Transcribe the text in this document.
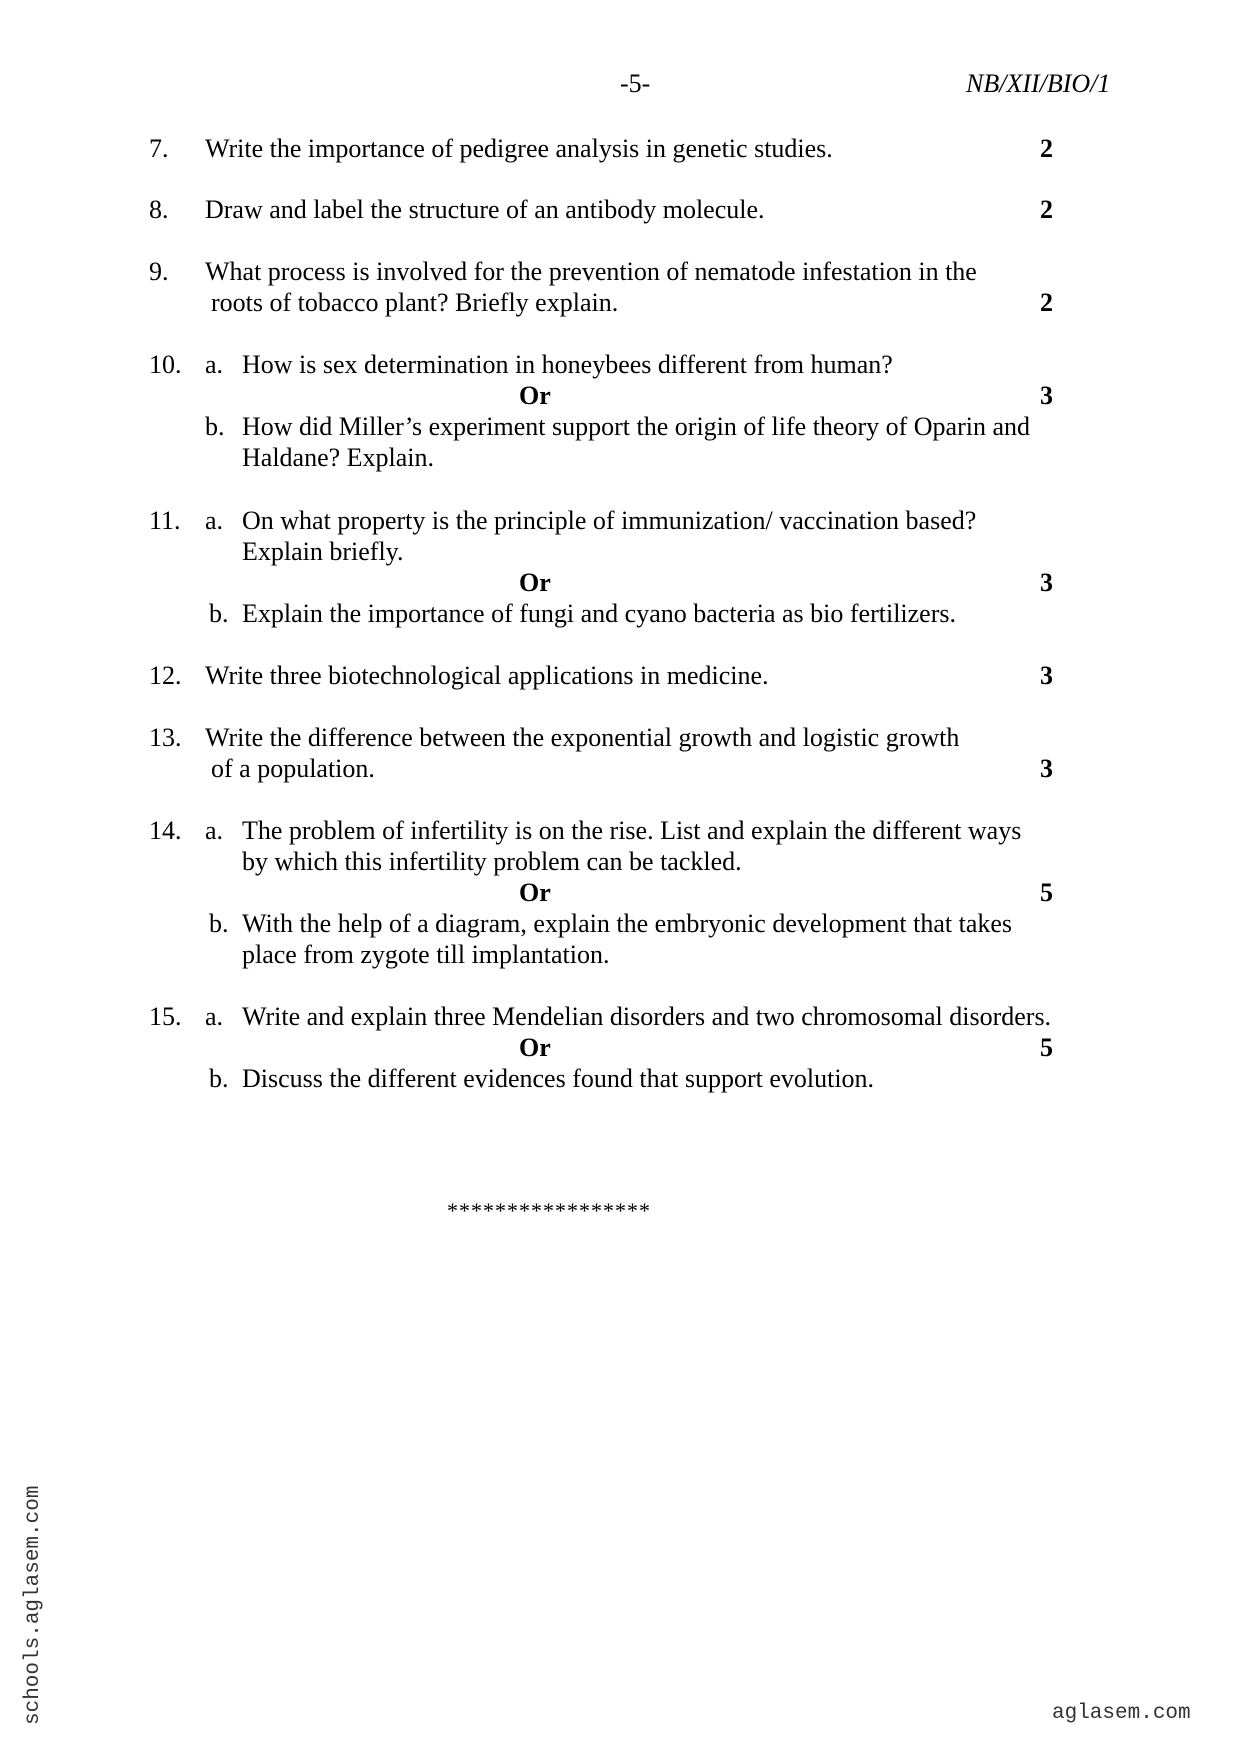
-5-	NB/XII/BIO/1
7. Write the importance of pedigree analysis in genetic studies.	2
8. Draw and label the structure of an antibody molecule.	2
9. What process is involved for the prevention of nematode infestation in the
roots of tobacco plant? Briefly explain.	2
10. a. How is sex determination in honeybees different from human?
Or	3
b. How did Miller’s experiment support the origin of life theory of Oparin and
Haldane? Explain.
11. a. On what property is the principle of immunization/ vaccination based?
Explain briefly.
Or	3
b. Explain the importance of fungi and cyano bacteria as bio fertilizers.
12. Write three biotechnological applications in medicine.	3
13. Write the difference between the exponential growth and logistic growth
of a population.	3
14. a. The problem of infertility is on the rise. List and explain the different ways
by which this infertility problem can be tackled.
Or	5
b. With the help of a diagram, explain the embryonic development that takes
place from zygote till implantation.
15. a. Write and explain three Mendelian disorders and two chromosomal disorders.
Or	5
b. Discuss the different evidences found that support evolution.
*****************
schools.aglasem.com	aglasem.com
